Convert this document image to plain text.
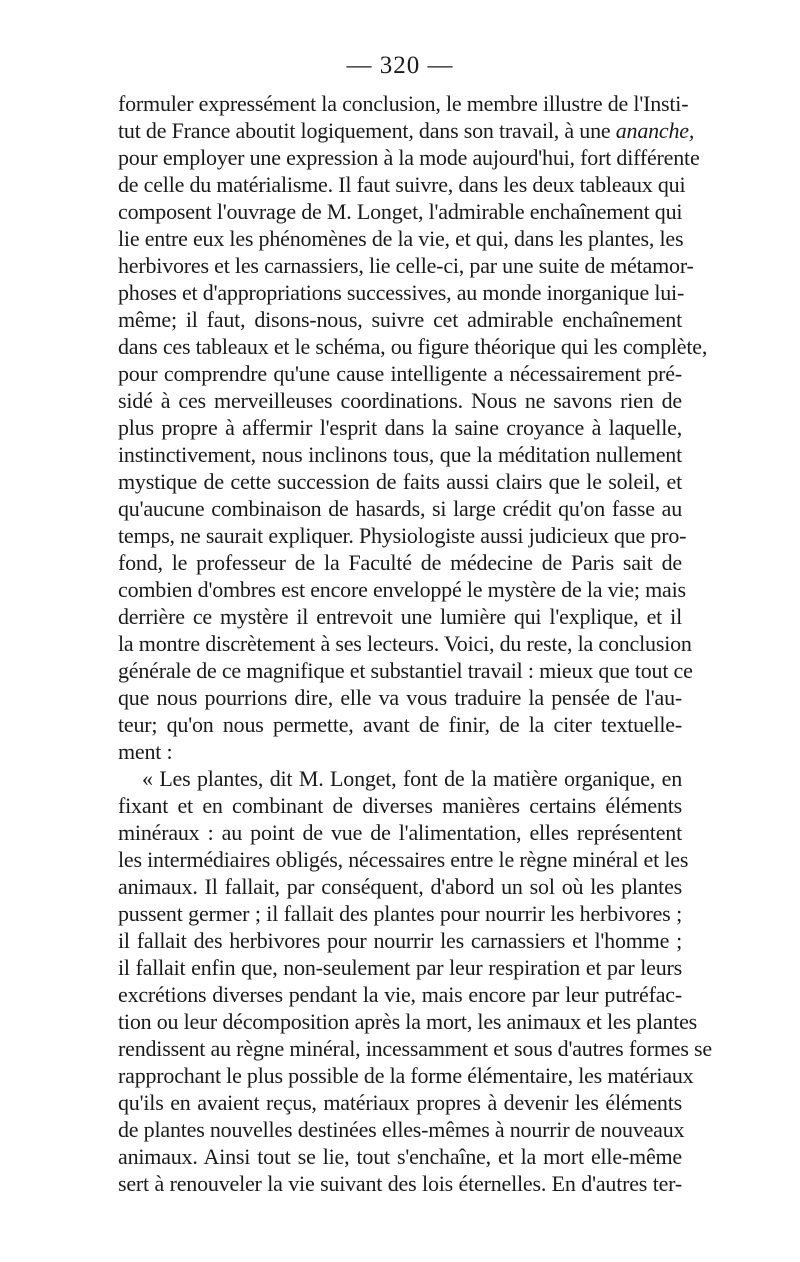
— 320 —
formuler expressément la conclusion, le membre illustre de l'Insti-
tut de France aboutit logiquement, dans son travail, à une ananche,
pour employer une expression à la mode aujourd'hui, fort différente
de celle du matérialisme. Il faut suivre, dans les deux tableaux qui
composent l'ouvrage de M. Longet, l'admirable enchaînement qui
lie entre eux les phénomènes de la vie, et qui, dans les plantes, les
herbivores et les carnassiers, lie celle-ci, par une suite de métamor-
phoses et d'appropriations successives, au monde inorganique lui-
même; il faut, disons-nous, suivre cet admirable enchaînement
dans ces tableaux et le schéma, ou figure théorique qui les complète,
pour comprendre qu'une cause intelligente a nécessairement pré-
sidé à ces merveilleuses coordinations. Nous ne savons rien de
plus propre à affermir l'esprit dans la saine croyance à laquelle,
instinctivement, nous inclinons tous, que la méditation nullement
mystique de cette succession de faits aussi clairs que le soleil, et
qu'aucune combinaison de hasards, si large crédit qu'on fasse au
temps, ne saurait expliquer. Physiologiste aussi judicieux que pro-
fond, le professeur de la Faculté de médecine de Paris sait de
combien d'ombres est encore enveloppé le mystère de la vie; mais
derrière ce mystère il entrevoit une lumière qui l'explique, et il
la montre discrètement à ses lecteurs. Voici, du reste, la conclusion
générale de ce magnifique et substantiel travail : mieux que tout ce
que nous pourrions dire, elle va vous traduire la pensée de l'au-
teur; qu'on nous permette, avant de finir, de la citer textuelle-
ment :
« Les plantes, dit M. Longet, font de la matière organique, en
fixant et en combinant de diverses manières certains éléments
minéraux : au point de vue de l'alimentation, elles représentent
les intermédiaires obligés, nécessaires entre le règne minéral et les
animaux. Il fallait, par conséquent, d'abord un sol où les plantes
pussent germer ; il fallait des plantes pour nourrir les herbivores ;
il fallait des herbivores pour nourrir les carnassiers et l'homme ;
il fallait enfin que, non-seulement par leur respiration et par leurs
excrétions diverses pendant la vie, mais encore par leur putréfac-
tion ou leur décomposition après la mort, les animaux et les plantes
rendissent au règne minéral, incessamment et sous d'autres formes se
rapprochant le plus possible de la forme élémentaire, les matériaux
qu'ils en avaient reçus, matériaux propres à devenir les éléments
de plantes nouvelles destinées elles-mêmes à nourrir de nouveaux
animaux. Ainsi tout se lie, tout s'enchaîne, et la mort elle-même
sert à renouveler la vie suivant des lois éternelles. En d'autres ter-
